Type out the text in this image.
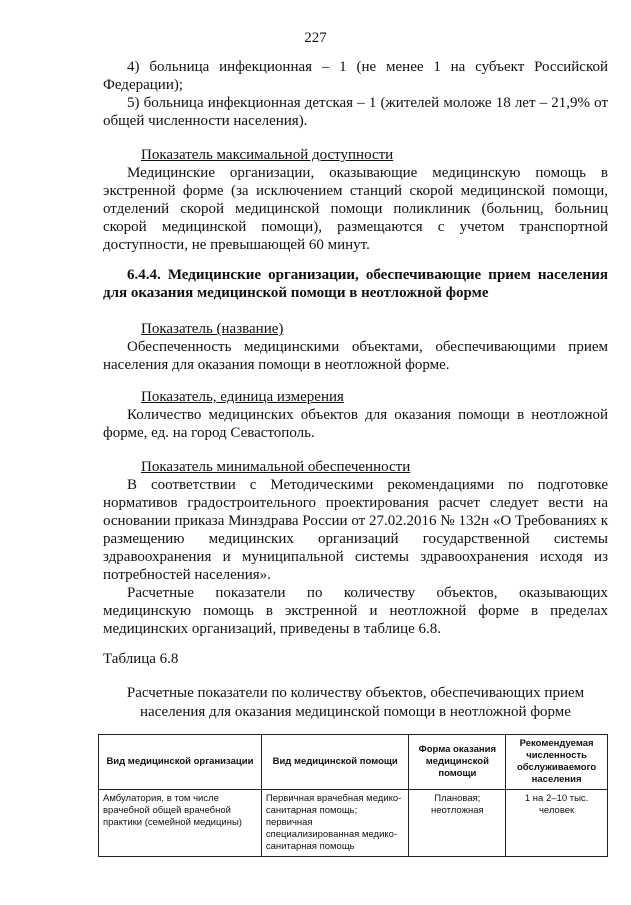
227
4) больница инфекционная – 1 (не менее 1 на субъект Российской Федерации);
5) больница инфекционная детская – 1 (жителей моложе 18 лет – 21,9% от общей численности населения).
Показатель максимальной доступности
Медицинские организации, оказывающие медицинскую помощь в экстренной форме (за исключением станций скорой медицинской помощи, отделений скорой медицинской помощи поликлиник (больниц, больниц скорой медицинской помощи), размещаются с учетом транспортной доступности, не превышающей 60 минут.
6.4.4. Медицинские организации, обеспечивающие прием населения для оказания медицинской помощи в неотложной форме
Показатель (название)
Обеспеченность медицинскими объектами, обеспечивающими прием населения для оказания помощи в неотложной форме.
Показатель, единица измерения
Количество медицинских объектов для оказания помощи в неотложной форме, ед. на город Севастополь.
Показатель минимальной обеспеченности
В соответствии с Методическими рекомендациями по подготовке нормативов градостроительного проектирования расчет следует вести на основании приказа Минздрава России от 27.02.2016 № 132н «О Требованиях к размещению медицинских организаций государственной системы здравоохранения и муниципальной системы здравоохранения исходя из потребностей населения».
Расчетные показатели по количеству объектов, оказывающих медицинскую помощь в экстренной и неотложной форме в пределах медицинских организаций, приведены в таблице 6.8.
Таблица 6.8
Расчетные показатели по количеству объектов, обеспечивающих прием населения для оказания медицинской помощи в неотложной форме
Вид медицинской организации	Вид медицинской помощи	Форма оказания медицинской помощи	Рекомендуемая численность обслуживаемого населения
Амбулатория, в том числе врачебной общей врачебной практики (семейной медицины)	Первичная врачебная медико-санитарная помощь; первичная специализированная медико-санитарная помощь	Плановая; неотложная	1 на 2–10 тыс. человек
